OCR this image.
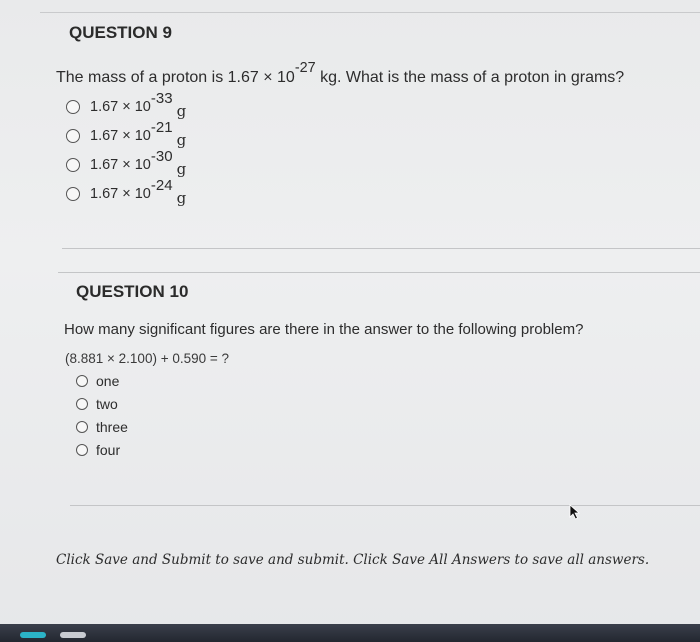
QUESTION 9
The mass of a proton is 1.67 × 10-27 kg. What is the mass of a proton in grams?
1.67 × 10 -33

g
1.67 × 10 -21

g
1.67 × 10 -30

g
1.67 × 10 -24

g
QUESTION 10
How many significant figures are there in the answer to the following problem?
(8.881 × 2.100) + 0.590 = ?
one
two
three
four
Click Save and Submit to save and submit. Click Save All Answers to save all answers.
